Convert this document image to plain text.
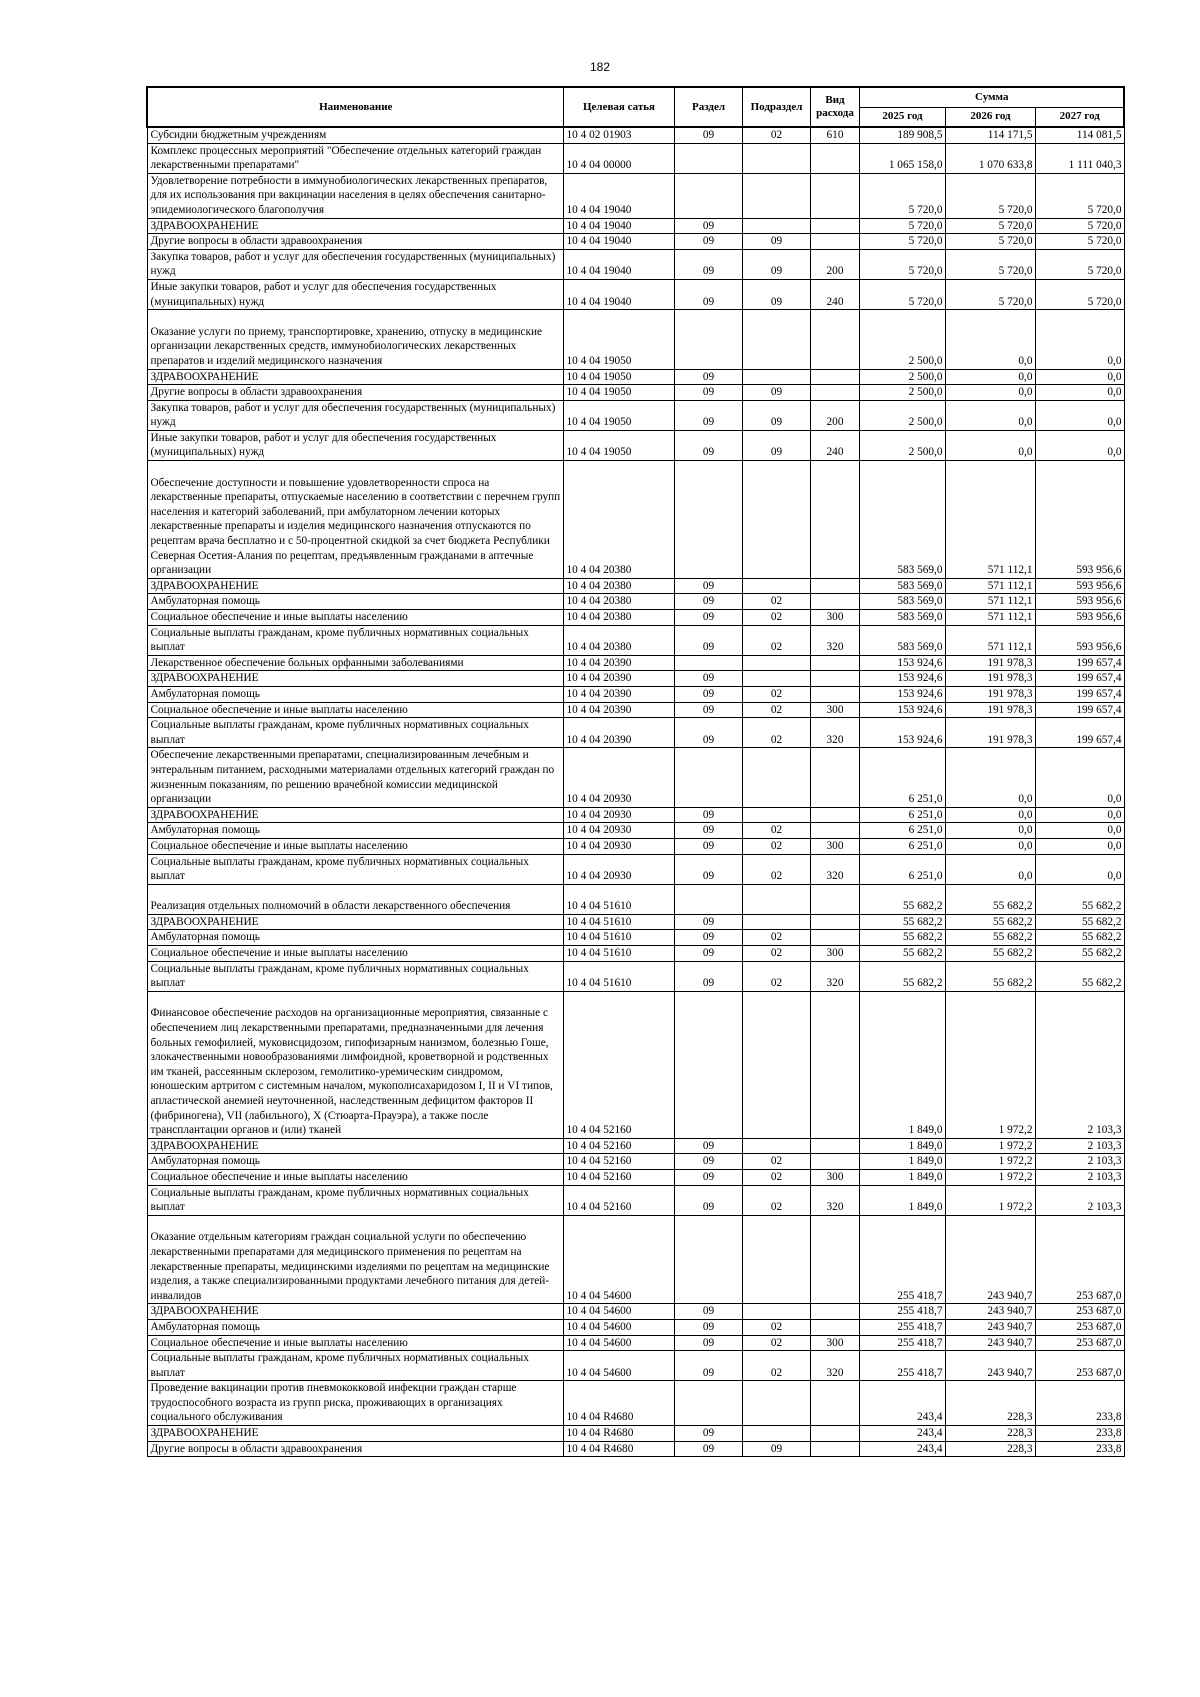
182
Наименование	Целевая сатья	Раздел	Подраздел	Вид расхода	Сумма		
					2025 год	2026 год	2027 год
Субсидии бюджетным учреждениям	10 4 02 01903	09	02	610	189 908,5	114 171,5	114 081,5
Комплекс процессных мероприятий "Обеспечение отдельных категорий граждан лекарственными препаратами"	10 4 04 00000				1 065 158,0	1 070 633,8	1 111 040,3
Удовлетворение потребности в иммунобиологических лекарственных препаратов, для их использования при вакцинации населения в целях обеспечения санитарно-эпидемиологического благополучия	10 4 04 19040				5 720,0	5 720,0	5 720,0
ЗДРАВООХРАНЕНИЕ	10 4 04 19040	09			5 720,0	5 720,0	5 720,0
Другие вопросы в области здравоохранения	10 4 04 19040	09	09		5 720,0	5 720,0	5 720,0
Закупка товаров, работ и услуг для обеспечения государственных (муниципальных) нужд	10 4 04 19040	09	09	200	5 720,0	5 720,0	5 720,0
Иные закупки товаров, работ и услуг для обеспечения государственных (муниципальных) нужд	10 4 04 19040	09	09	240	5 720,0	5 720,0	5 720,0

Оказание услуги по приему, транспортировке, хранению, отпуску в медицинские организации лекарственных средств, иммунобиологических лекарственных препаратов и изделий медицинского назначения	10 4 04 19050				2 500,0	0,0	0,0
ЗДРАВООХРАНЕНИЕ	10 4 04 19050	09			2 500,0	0,0	0,0
Другие вопросы в области здравоохранения	10 4 04 19050	09	09		2 500,0	0,0	0,0
Закупка товаров, работ и услуг для обеспечения государственных (муниципальных) нужд	10 4 04 19050	09	09	200	2 500,0	0,0	0,0
Иные закупки товаров, работ и услуг для обеспечения государственных (муниципальных) нужд	10 4 04 19050	09	09	240	2 500,0	0,0	0,0

Обеспечение доступности и повышение удовлетворенности спроса на лекарственные препараты, отпускаемые населению в соответствии с перечнем групп населения и категорий заболеваний, при амбулаторном лечении которых лекарственные препараты и изделия медицинского назначения отпускаются по рецептам врача бесплатно и с 50-процентной скидкой за счет бюджета Республики Северная Осетия-Алания по рецептам, предъявленным гражданами в аптечные организации	10 4 04 20380				583 569,0	571 112,1	593 956,6
ЗДРАВООХРАНЕНИЕ	10 4 04 20380	09			583 569,0	571 112,1	593 956,6
Амбулаторная помощь	10 4 04 20380	09	02		583 569,0	571 112,1	593 956,6
Социальное обеспечение и иные выплаты населению	10 4 04 20380	09	02	300	583 569,0	571 112,1	593 956,6
Социальные выплаты гражданам, кроме публичных нормативных социальных выплат	10 4 04 20380	09	02	320	583 569,0	571 112,1	593 956,6
Лекарственное обеспечение больных орфанными заболеваниями	10 4 04 20390				153 924,6	191 978,3	199 657,4
ЗДРАВООХРАНЕНИЕ	10 4 04 20390	09			153 924,6	191 978,3	199 657,4
Амбулаторная помощь	10 4 04 20390	09	02		153 924,6	191 978,3	199 657,4
Социальное обеспечение и иные выплаты населению	10 4 04 20390	09	02	300	153 924,6	191 978,3	199 657,4
Социальные выплаты гражданам, кроме публичных нормативных социальных выплат	10 4 04 20390	09	02	320	153 924,6	191 978,3	199 657,4
Обеспечение лекарственными препаратами, специализированным лечебным и энтеральным питанием, расходными материалами отдельных категорий граждан по жизненным показаниям, по решению врачебной комиссии медицинской организации	10 4 04 20930				6 251,0	0,0	0,0
ЗДРАВООХРАНЕНИЕ	10 4 04 20930	09			6 251,0	0,0	0,0
Амбулаторная помощь	10 4 04 20930	09	02		6 251,0	0,0	0,0
Социальное обеспечение и иные выплаты населению	10 4 04 20930	09	02	300	6 251,0	0,0	0,0
Социальные выплаты гражданам, кроме публичных нормативных социальных выплат	10 4 04 20930	09	02	320	6 251,0	0,0	0,0

Реализация отдельных полномочий в области лекарственного обеспечения	10 4 04 51610				55 682,2	55 682,2	55 682,2
ЗДРАВООХРАНЕНИЕ	10 4 04 51610	09			55 682,2	55 682,2	55 682,2
Амбулаторная помощь	10 4 04 51610	09	02		55 682,2	55 682,2	55 682,2
Социальное обеспечение и иные выплаты населению	10 4 04 51610	09	02	300	55 682,2	55 682,2	55 682,2
Социальные выплаты гражданам, кроме публичных нормативных социальных выплат	10 4 04 51610	09	02	320	55 682,2	55 682,2	55 682,2

Финансовое обеспечение расходов на организационные мероприятия, связанные с обеспечением лиц лекарственными препаратами, предназначенными для лечения больных гемофилией, муковисцидозом, гипофизарным нанизмом, болезнью Гоше, злокачественными новообразованиями лимфоидной, кроветворной и родственных им тканей, рассеянным склерозом, гемолитико-уремическим синдромом, юношеским артритом с системным началом, мукополисахаридозом I, II и VI типов, апластической анемией неуточненной, наследственным дефицитом факторов II (фибриногена), VII (лабильного), X (Стюарта-Прауэра), а также после трансплантации органов и (или) тканей	10 4 04 52160				1 849,0	1 972,2	2 103,3
ЗДРАВООХРАНЕНИЕ	10 4 04 52160	09			1 849,0	1 972,2	2 103,3
Амбулаторная помощь	10 4 04 52160	09	02		1 849,0	1 972,2	2 103,3
Социальное обеспечение и иные выплаты населению	10 4 04 52160	09	02	300	1 849,0	1 972,2	2 103,3
Социальные выплаты гражданам, кроме публичных нормативных социальных выплат	10 4 04 52160	09	02	320	1 849,0	1 972,2	2 103,3

Оказание отдельным категориям граждан социальной услуги по обеспечению лекарственными препаратами для медицинского применения по рецептам на лекарственные препараты, медицинскими изделиями по рецептам на медицинские изделия, а также специализированными продуктами лечебного питания для детей-инвалидов	10 4 04 54600				255 418,7	243 940,7	253 687,0
ЗДРАВООХРАНЕНИЕ	10 4 04 54600	09			255 418,7	243 940,7	253 687,0
Амбулаторная помощь	10 4 04 54600	09	02		255 418,7	243 940,7	253 687,0
Социальное обеспечение и иные выплаты населению	10 4 04 54600	09	02	300	255 418,7	243 940,7	253 687,0
Социальные выплаты гражданам, кроме публичных нормативных социальных выплат	10 4 04 54600	09	02	320	255 418,7	243 940,7	253 687,0
Проведение вакцинации против пневмококковой инфекции граждан старше трудоспособного возраста из групп риска, проживающих в организациях социального обслуживания	10 4 04 R4680				243,4	228,3	233,8
ЗДРАВООХРАНЕНИЕ	10 4 04 R4680	09			243,4	228,3	233,8
Другие вопросы в области здравоохранения	10 4 04 R4680	09	09		243,4	228,3	233,8
